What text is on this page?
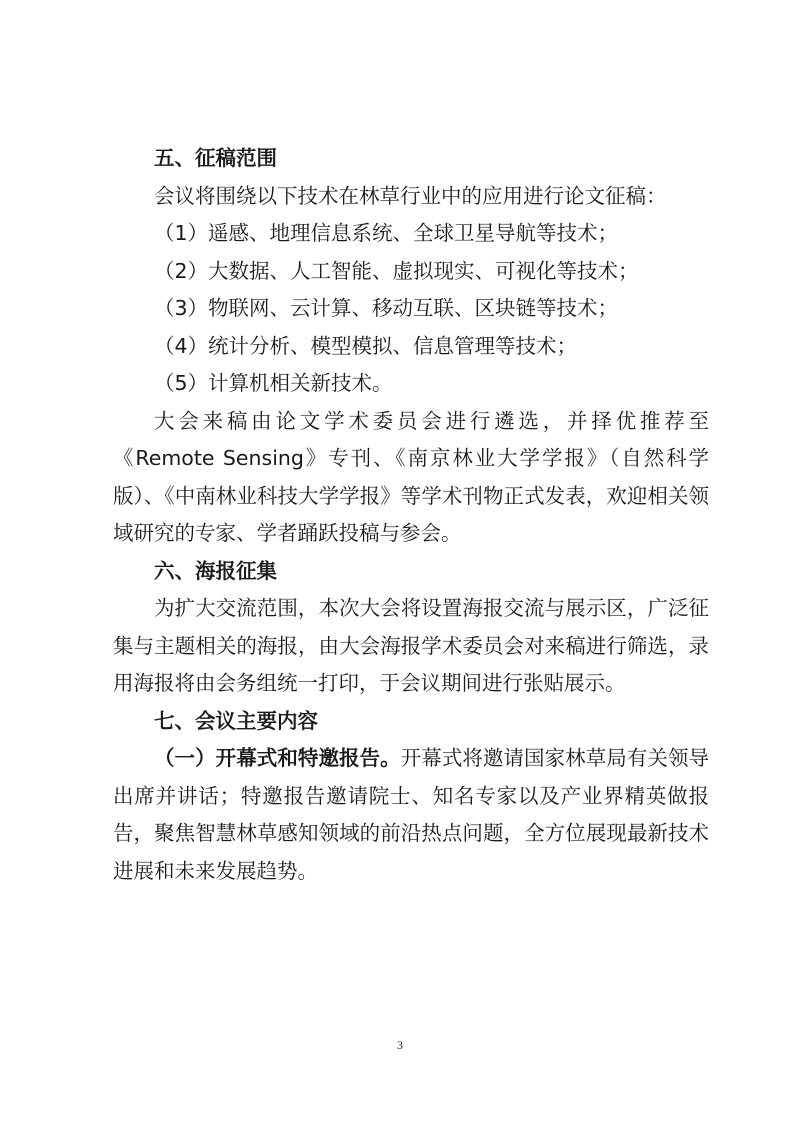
五、征稿范围

会议将围绕以下技术在林草行业中的应用进行论文征稿：

（1）遥感、地理信息系统、全球卫星导航等技术；

（2）大数据、人工智能、虚拟现实、可视化等技术；

（3）物联网、云计算、移动互联、区块链等技术；

（4）统计分析、模型模拟、信息管理等技术；

（5）计算机相关新技术。

大会来稿由论文学术委员会进行遴选，并择优推荐至《Remote Sensing》专刊、《南京林业大学学报》（自然科学版）、《中南林业科技大学学报》等学术刊物正式发表，欢迎相关领域研究的专家、学者踊跃投稿与参会。

六、海报征集

为扩大交流范围，本次大会将设置海报交流与展示区，广泛征集与主题相关的海报，由大会海报学术委员会对来稿进行筛选，录用海报将由会务组统一打印，于会议期间进行张贴展示。

七、会议主要内容

（一）开幕式和特邀报告。开幕式将邀请国家林草局有关领导出席并讲话；特邀报告邀请院士、知名专家以及产业界精英做报告，聚焦智慧林草感知领域的前沿热点问题，全方位展现最新技术进展和未来发展趋势。

3
